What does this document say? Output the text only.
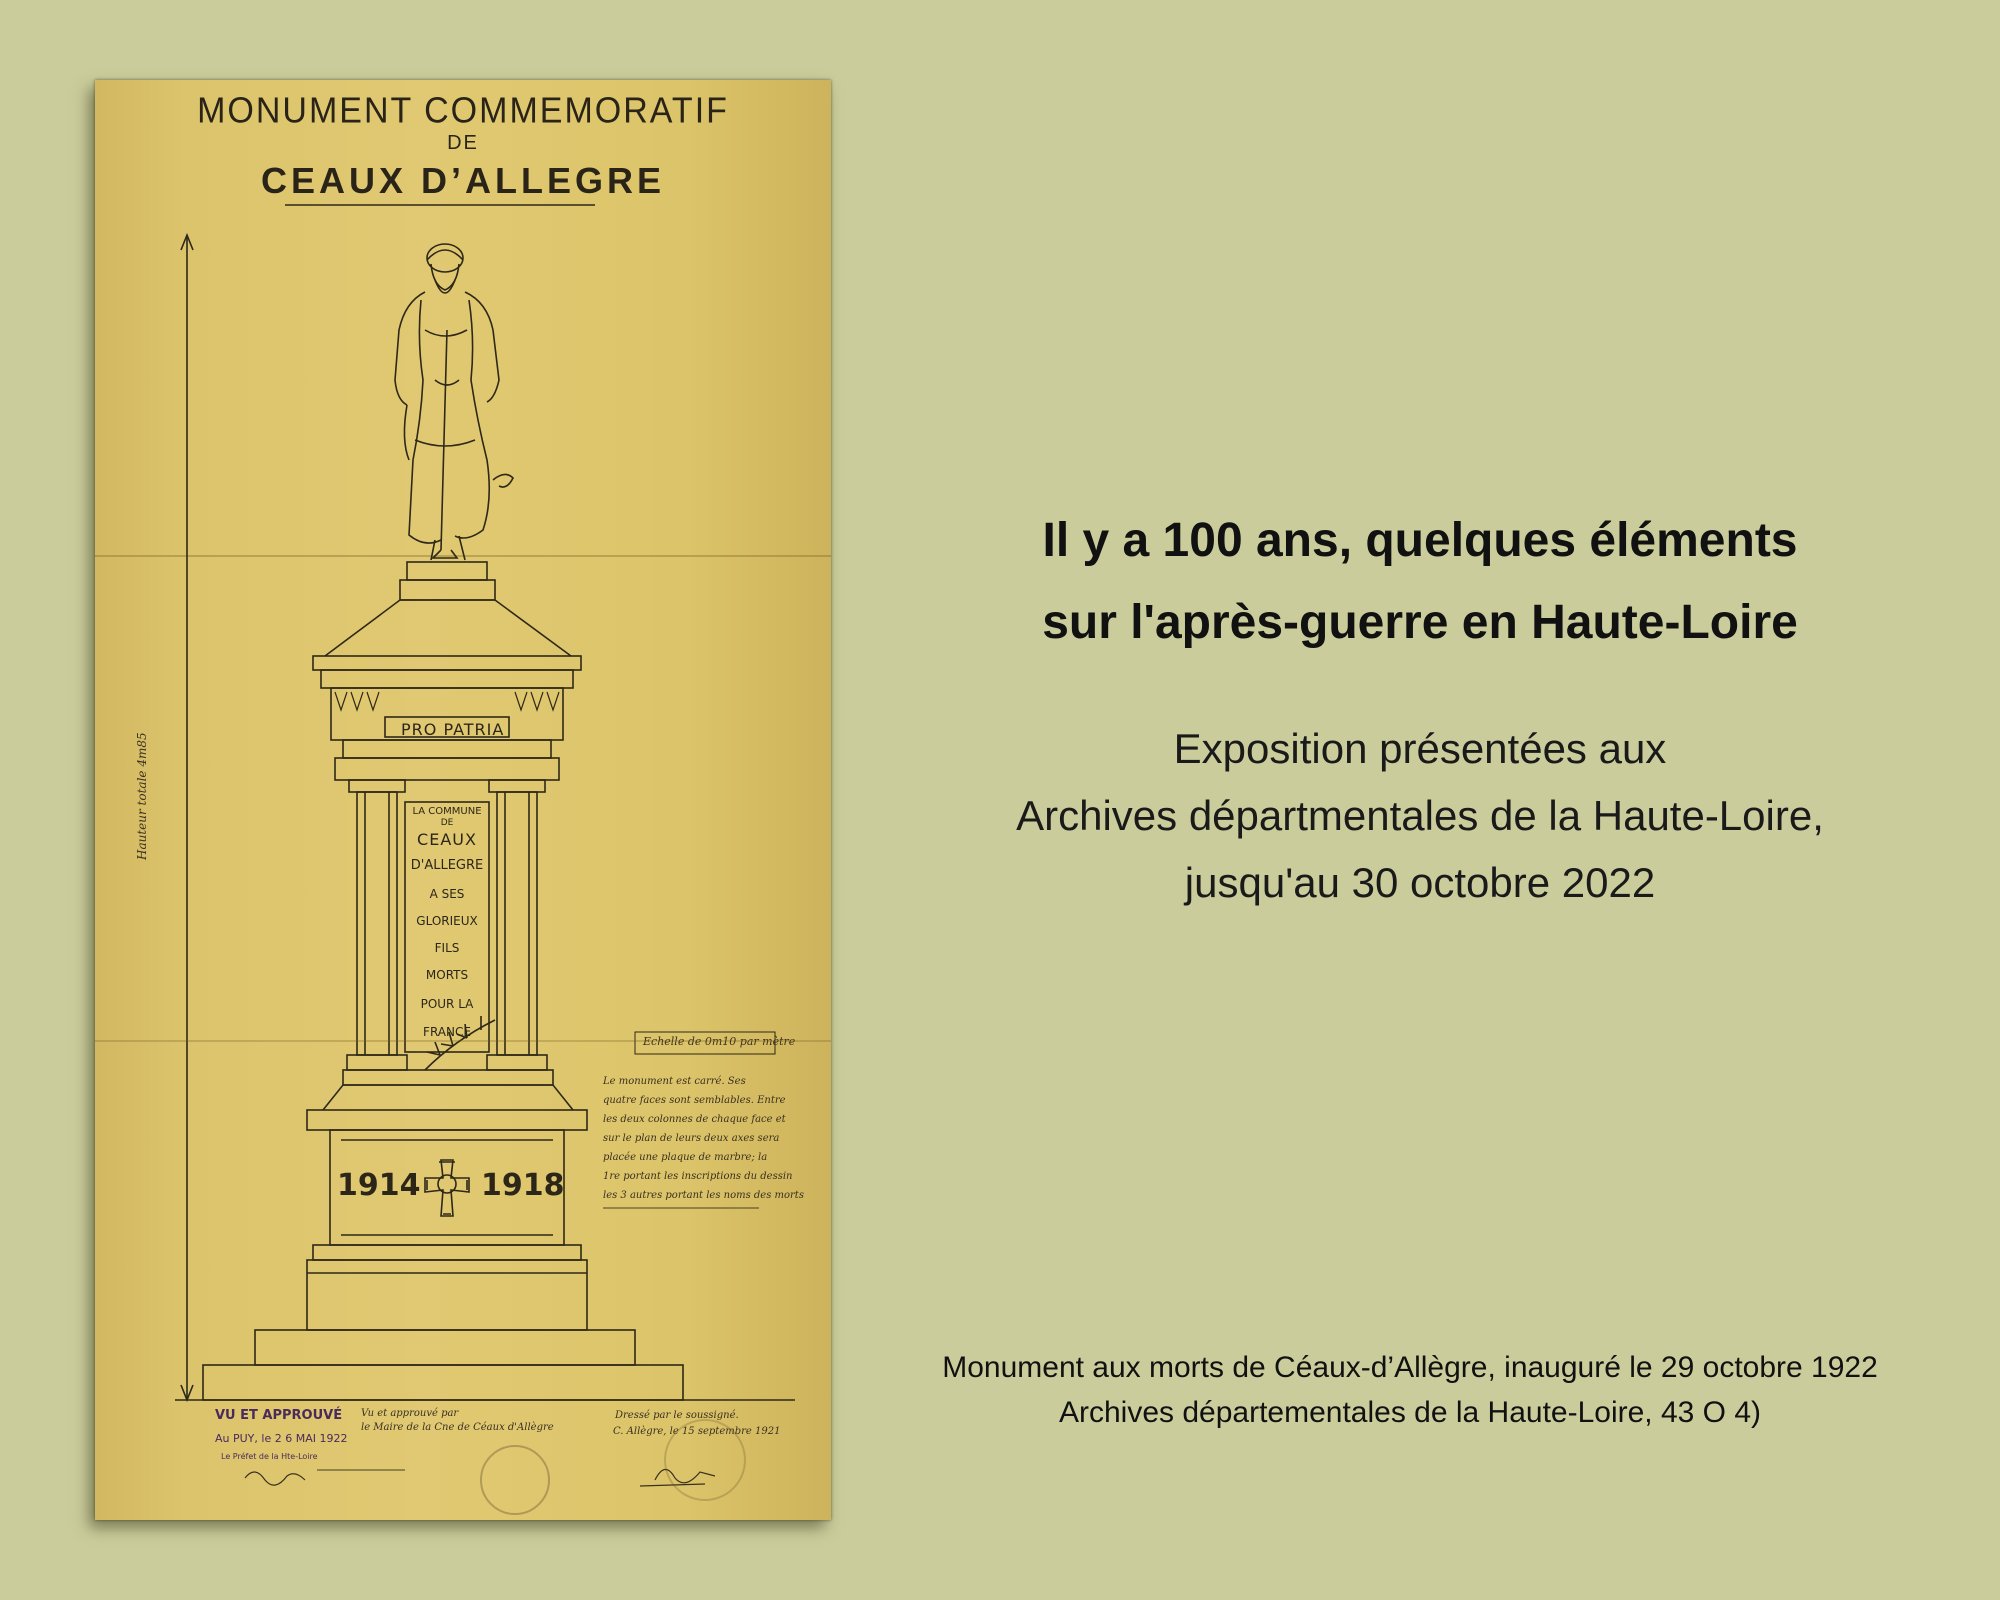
MONUMENT COMMEMORATIF
DE
CEAUX D’ALLEGRE
PRO PATRIA
LA COMMUNE
DE
CEAUX
D'ALLEGRE
A SES
GLORIEUX
FILS
MORTS
POUR LA
FRANCE
1914 1918
Hauteur totale 4m85
Echelle de 0m10 par mètre
Le monument est carré. Ses
quatre faces sont semblables. Entre
les deux colonnes de chaque face et
sur le plan de leurs deux axes sera
placée une plaque de marbre; la
1re portant les inscriptions du dessin
les 3 autres portant les noms des morts
VU ET APPROUVÉ
Au PUY, le 2 6 MAI 1922
Le Préfet de la Hte-Loire
Vu et approuvé par
le Maire de la Cne de Céaux d'Allègre
Dressé par le soussigné.
C. Allègre, le 15 septembre 1921
Il y a 100 ans, quelques éléments
sur l'après-guerre en Haute-Loire
Exposition présentées aux
Archives départmentales de la Haute-Loire,
jusqu'au 30 octobre 2022
Monument aux morts de Céaux-d’Allègre, inauguré le 29 octobre 1922
Archives départementales de la Haute-Loire, 43 O 4)
